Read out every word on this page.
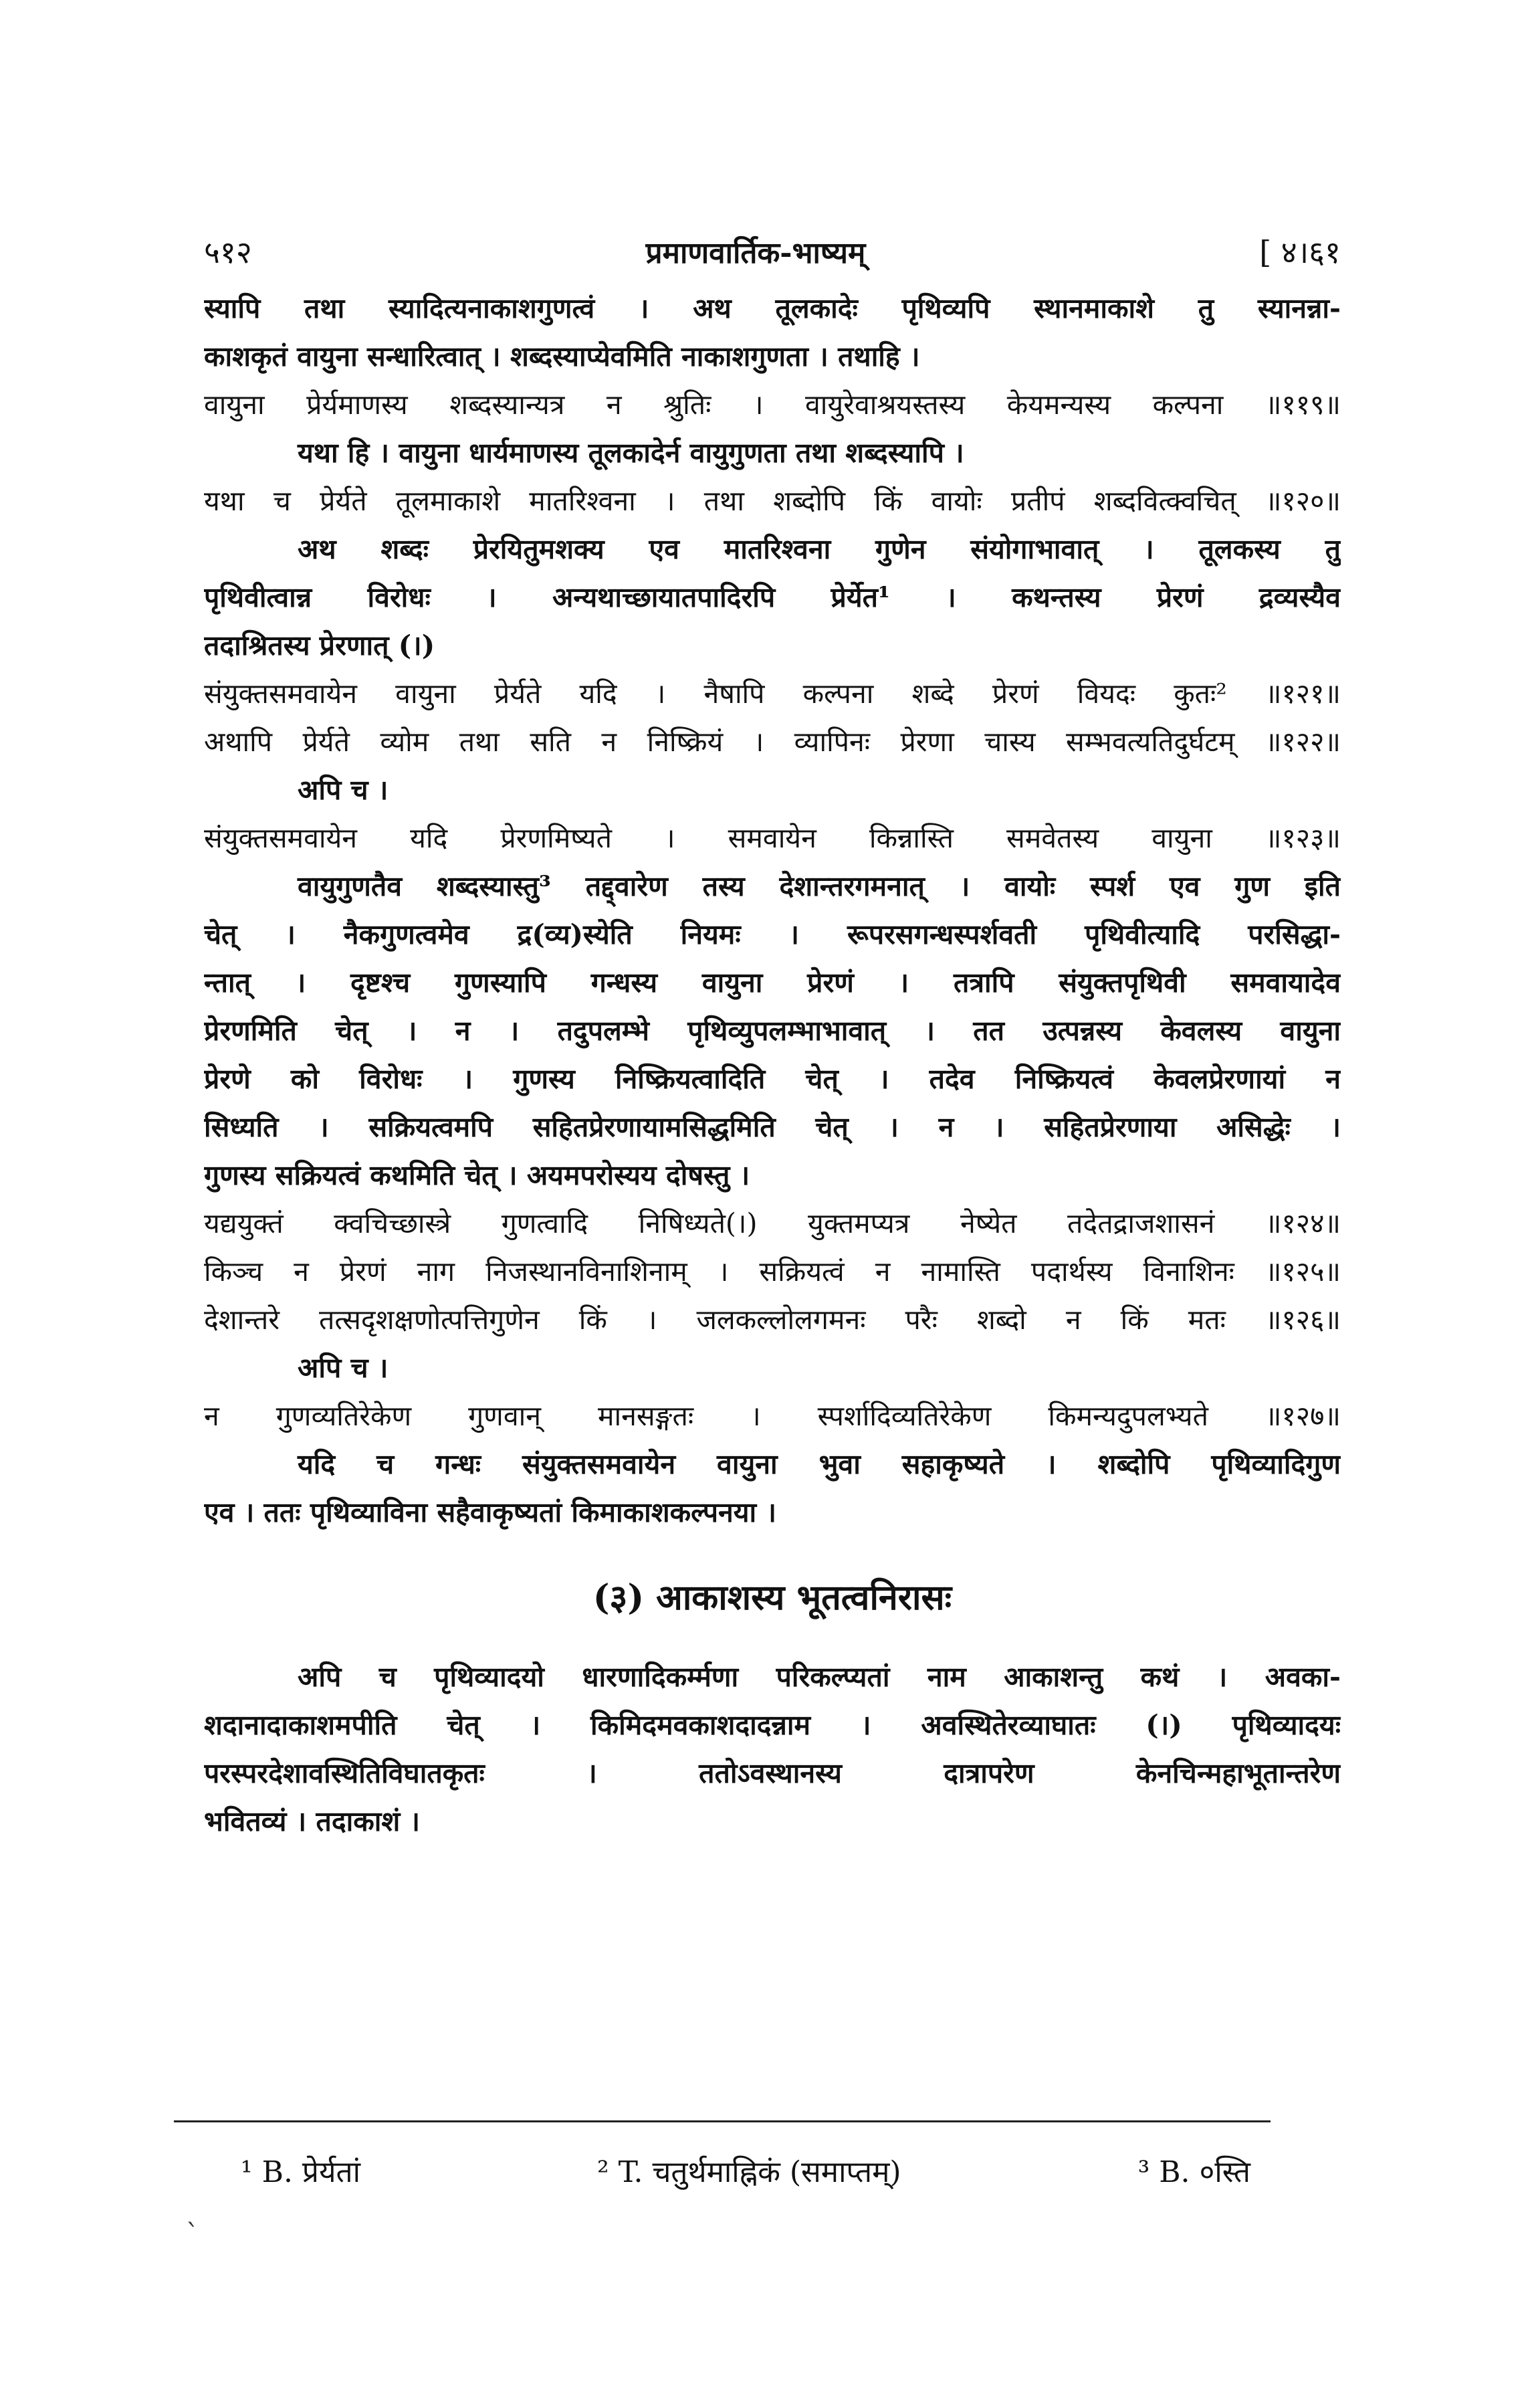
५१२	प्रमाणवार्तिक-भाष्यम्	[ ४।६१
स्यापि तथा स्यादित्यनाकाशगुणत्वं । अथ तूलकादेः पृथिव्यपि स्थानमाकाशे तु स्यानन्ना-
काशकृतं वायुना सन्धारित्वात् । शब्दस्याप्येवमिति नाकाशगुणता । तथाहि ।
वायुना प्रेर्यमाणस्य शब्दस्यान्यत्र न श्रुतिः । वायुरेवाश्रयस्तस्य केयमन्यस्य कल्पना ॥११९॥
यथा हि । वायुना धार्यमाणस्य तूलकादेर्न वायुगुणता तथा शब्दस्यापि ।
यथा च प्रेर्यते तूलमाकाशे मातरिश्वना । तथा शब्दोपि किं वायोः प्रतीपं शब्दवित्क्वचित् ॥१२०॥
अथ शब्दः प्रेरयितुमशक्य एव मातरिश्वना गुणेन संयोगाभावात् । तूलकस्य तु
पृथिवीत्वान्न विरोधः । अन्यथाच्छायातपादिरपि प्रेर्येत¹ । कथन्तस्य प्रेरणं द्रव्यस्यैव
तदाश्रितस्य प्रेरणात् (।)
संयुक्तसमवायेन वायुना प्रेर्यते यदि । नैषापि कल्पना शब्दे प्रेरणं वियदः कुतः² ॥१२१॥
अथापि प्रेर्यते व्योम तथा सति न निष्क्रियं । व्यापिनः प्रेरणा चास्य सम्भवत्यतिदुर्घटम् ॥१२२॥
अपि च ।
संयुक्तसमवायेन यदि प्रेरणमिष्यते । समवायेन किन्नास्ति समवेतस्य वायुना ॥१२३॥
वायुगुणतैव शब्दस्यास्तु³ तद्द्वारेण तस्य देशान्तरगमनात् । वायोः स्पर्श एव गुण इति
चेत् । नैकगुणत्वमेव द्र(व्य)स्येति नियमः । रूपरसगन्धस्पर्शवती पृथिवीत्यादि परसिद्धा-
न्तात् । दृष्टश्च गुणस्यापि गन्धस्य वायुना प्रेरणं । तत्रापि संयुक्तपृथिवी समवायादेव
प्रेरणमिति चेत् । न । तदुपलम्भे पृथिव्युपलम्भाभावात् । तत उत्पन्नस्य केवलस्य वायुना
प्रेरणे को विरोधः । गुणस्य निष्क्रियत्वादिति चेत् । तदेव निष्क्रियत्वं केवलप्रेरणायां न
सिध्यति । सक्रियत्वमपि सहितप्रेरणायामसिद्धमिति चेत् । न । सहितप्रेरणाया असिद्धेः ।
गुणस्य सक्रियत्वं कथमिति चेत् । अयमपरोस्यय दोषस्तु ।
यद्ययुक्तं क्वचिच्छास्त्रे गुणत्वादि निषिध्यते(।) युक्तमप्यत्र नेष्येत तदेतद्राजशासनं ॥१२४॥
किञ्च न प्रेरणं नाग निजस्थानविनाशिनाम् । सक्रियत्वं न नामास्ति पदार्थस्य विनाशिनः ॥१२५॥
देशान्तरे तत्सदृशक्षणोत्पत्तिगुणेन किं । जलकल्लोलगमनः परैः शब्दो न किं मतः ॥१२६॥
अपि च ।
न गुणव्यतिरेकेण गुणवान् मानसङ्गतः । स्पर्शादिव्यतिरेकेण किमन्यदुपलभ्यते ॥१२७॥
यदि च गन्धः संयुक्तसमवायेन वायुना भुवा सहाकृष्यते । शब्दोपि पृथिव्यादिगुण
एव । ततः पृथिव्याविना सहैवाकृष्यतां किमाकाशकल्पनया ।
(३) आकाशस्य भूतत्वनिरासः
अपि च पृथिव्यादयो धारणादिकर्म्मणा परिकल्प्यतां नाम आकाशन्तु कथं । अवका-
शदानादाकाशमपीति चेत् । किमिदमवकाशदादन्नाम । अवस्थितेरव्याघातः (।) पृथिव्यादयः
परस्परदेशावस्थितिविघातकृतः । ततोऽवस्थानस्य दात्रापरेण केनचिन्महाभूतान्तरेण
भवितव्यं । तदाकाशं ।
¹ B. प्रेर्यतां	² T. चतुर्थमाह्निकं (समाप्तम्)	³ B. ०स्ति
`
